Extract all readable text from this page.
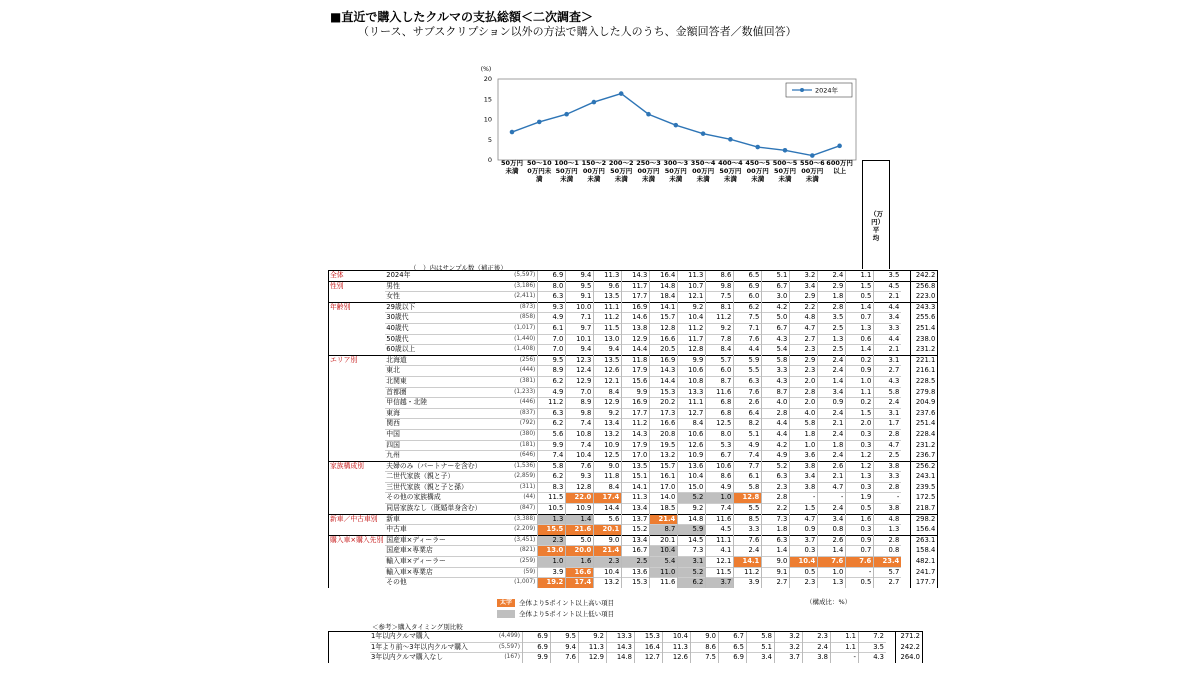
■直近で購入したクルマの支払総額＜二次調査＞
（リース、サブスクリプション以外の方法で購入した人のうち、金額回答者／数値回答）
(%)
0
5
10
15
20
2024年
50万円未満
50～100万円未満
100～150万円未満
150～200万円未満
200～250万円未満
250～300万円未満
300～350万円未満
350～400万円未満
400～450万円未満
450～500万円未満
500～550万円未満
550～600万円未満
600万円以上
（万円）平均
（　）内はサンプル数（補正後）
全体	2024年	(5,597)	6.9	9.4	11.3	14.3	16.4	11.3	8.6	6.5	5.1	3.2	2.4	1.1	3.5		242.2
性別	男性	(3,186)	8.0	9.5	9.6	11.7	14.8	10.7	9.8	6.9	6.7	3.4	2.9	1.5	4.5		256.8
	女性	(2,411)	6.3	9.1	13.5	17.7	18.4	12.1	7.5	6.0	3.0	2.9	1.8	0.5	2.1		223.0
年齢別	29歳以下	(873)	9.3	10.0	11.1	16.9	14.1	9.2	8.1	6.2	4.2	2.2	2.8	1.4	4.4		243.3
	30歳代	(858)	4.9	7.1	11.2	14.6	15.7	10.4	11.2	7.5	5.0	4.8	3.5	0.7	3.4		255.6
	40歳代	(1,017)	6.1	9.7	11.5	13.8	12.8	11.2	9.2	7.1	6.7	4.7	2.5	1.3	3.3		251.4
	50歳代	(1,440)	7.0	10.1	13.0	12.9	16.6	11.7	7.8	7.6	4.3	2.7	1.3	0.6	4.4		238.0
	60歳以上	(1,408)	7.0	9.4	9.4	14.4	20.5	12.8	8.4	4.4	5.4	2.3	2.5	1.4	2.1		231.2
エリア別	北海道	(256)	9.5	12.3	13.5	11.8	16.9	9.9	5.7	5.9	5.8	2.9	2.4	0.2	3.1		221.1
	東北	(444)	8.9	12.4	12.6	17.9	14.3	10.6	6.0	5.5	3.3	2.3	2.4	0.9	2.7		216.1
	北関東	(381)	6.2	12.9	12.1	15.6	14.4	10.8	8.7	6.3	4.3	2.0	1.4	1.0	4.3		228.5
	首都圏	(1,233)	4.9	7.0	8.4	9.9	15.3	13.3	11.6	7.6	8.7	2.8	3.4	1.1	5.8		279.8
	甲信越・北陸	(446)	11.2	8.9	12.9	16.9	20.2	11.1	6.8	2.6	4.0	2.0	0.9	0.2	2.4		204.9
	東海	(837)	6.3	9.8	9.2	17.7	17.3	12.7	6.8	6.4	2.8	4.0	2.4	1.5	3.1		237.6
	関西	(792)	6.2	7.4	13.4	11.2	16.6	8.4	12.5	8.2	4.4	5.8	2.1	2.0	1.7		251.4
	中国	(380)	5.6	10.8	13.2	14.3	20.8	10.6	8.0	5.1	4.4	1.8	2.4	0.3	2.8		228.4
	四国	(181)	9.9	7.4	10.9	17.9	19.5	12.6	5.3	4.9	4.2	1.0	1.8	0.3	4.7		231.2
	九州	(646)	7.4	10.4	12.5	17.0	13.2	10.9	6.7	7.4	4.9	3.6	2.4	1.2	2.5		236.7
家族構成別	夫婦のみ（パートナーを含む）	(1,536)	5.8	7.6	9.0	13.5	15.7	13.6	10.6	7.7	5.2	3.8	2.6	1.2	3.8		256.2
	二世代家族（親と子）	(2,859)	6.2	9.3	11.8	15.1	16.1	10.4	8.6	6.1	6.3	3.4	2.1	1.3	3.3		243.1
	三世代家族（親と子と孫）	(311)	8.3	12.8	8.4	14.1	17.0	15.0	4.9	5.8	2.3	3.8	4.7	0.3	2.8		239.5
	その他の家族構成	(44)	11.5	22.0	17.4	11.3	14.0	5.2	1.0	12.8	2.8	-	-	1.9	-		172.5
	同居家族なし（既婚単身含む）	(847)	10.5	10.9	14.4	13.4	18.5	9.2	7.4	5.5	2.2	1.5	2.4	0.5	3.8		218.7
新車／中古車別	新車	(3,388)	1.3	1.4	5.6	13.7	21.4	14.8	11.6	8.5	7.3	4.7	3.4	1.6	4.8		298.2
	中古車	(2,209)	15.5	21.6	20.1	15.2	8.7	5.9	4.5	3.3	1.8	0.9	0.8	0.3	1.3		156.4
購入車×購入先別	国産車×ディーラー	(3,451)	2.3	5.0	9.0	13.4	20.1	14.5	11.1	7.6	6.3	3.7	2.6	0.9	2.8		263.1
	国産車×専業店	(821)	13.0	20.0	21.4	16.7	10.4	7.3	4.1	2.4	1.4	0.3	1.4	0.7	0.8		158.4
	輸入車×ディーラー	(259)	1.0	1.6	2.3	2.5	5.4	3.1	12.1	14.1	9.0	10.4	7.6	7.6	23.4		482.1
	輸入車×専業店	(59)	3.9	16.6	10.4	13.6	11.0	5.2	11.5	11.2	9.1	0.5	1.0	-	5.7		241.7
	その他	(1,007)	19.2	17.4	13.2	15.3	11.6	6.2	3.7	3.9	2.7	2.3	1.3	0.5	2.7		177.7
太字	全体より5ポイント以上高い項目
全体より5ポイント以上低い項目
（構成比：%）
＜参考＞購入タイミング別比較
	1年以内クルマ購入	(4,499)	6.9	9.5	9.2	13.3	15.3	10.4	9.0	6.7	5.8	3.2	2.3	1.1	7.2		271.2
	1年より前～3年以内クルマ購入	(5,597)	6.9	9.4	11.3	14.3	16.4	11.3	8.6	6.5	5.1	3.2	2.4	1.1	3.5		242.2
	3年以内クルマ購入なし	(167)	9.9	7.6	12.9	14.8	12.7	12.6	7.5	6.9	3.4	3.7	3.8	-	4.3		264.0
